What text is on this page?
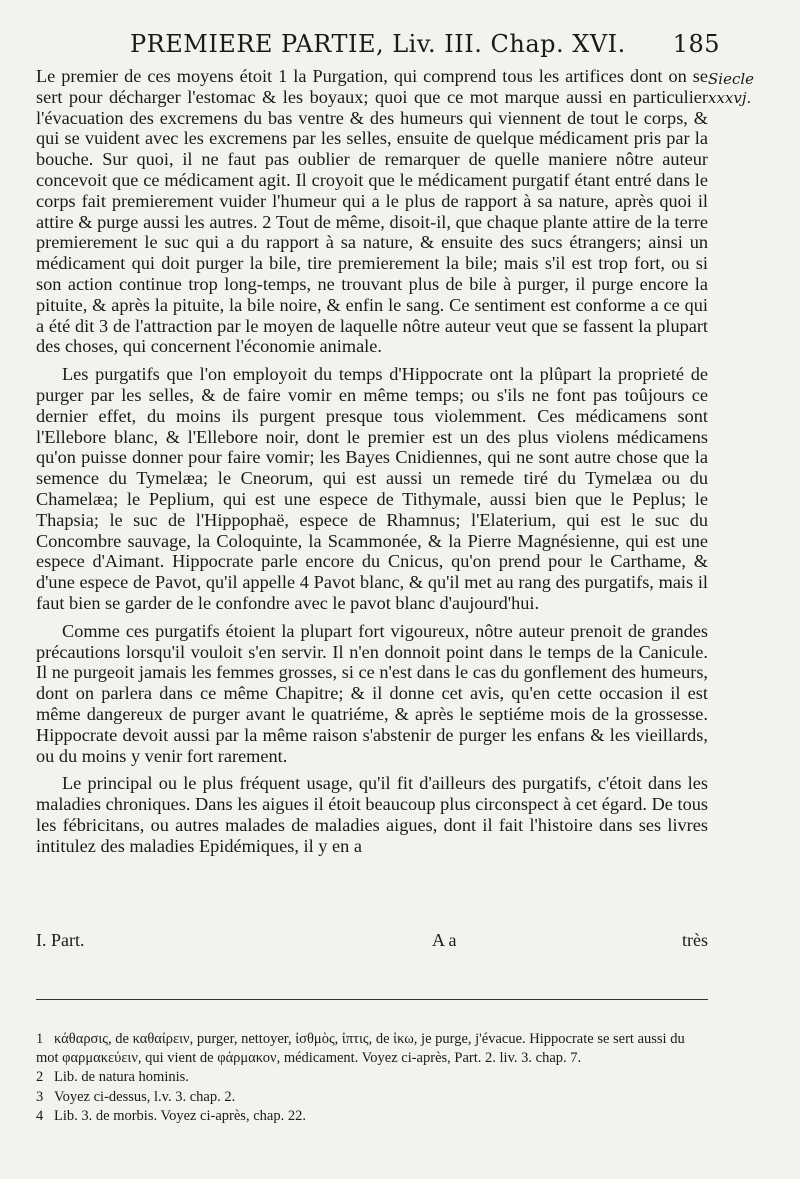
PREMIERE PARTIE, Liv. III. Chap. XVI. 185
Siecle
xxxvj.

Le premier de ces moyens étoit 1 la Purgation, qui comprend tous les artifices dont on se sert pour décharger l'estomac & les boyaux; quoi que ce mot marque aussi en particulier l'évacuation des excremens du bas ventre & des humeurs qui viennent de tout le corps, & qui se vuident avec les excremens par les selles, ensuite de quelque médicament pris par la bouche. Sur quoi, il ne faut pas oublier de remarquer de quelle maniere nôtre auteur concevoit que ce médicament agit. Il croyoit que le médicament purgatif étant entré dans le corps fait premierement vuider l'humeur qui a le plus de rapport à sa nature, après quoi il attire & purge aussi les autres. 2 Tout de même, disoit-il, que chaque plante attire de la terre premierement le suc qui a du rapport à sa nature, & ensuite des sucs étrangers; ainsi un médicament qui doit purger la bile, tire premierement la bile; mais s'il est trop fort, ou si son action continue trop long-temps, ne trouvant plus de bile à purger, il purge encore la pituite, & après la pituite, la bile noire, & enfin le sang. Ce sentiment est conforme a ce qui a été dit 3 de l'attraction par le moyen de laquelle nôtre auteur veut que se fassent la plupart des choses, qui concernent l'économie animale.

Les purgatifs que l'on employoit du temps d'Hippocrate ont la plûpart la proprieté de purger par les selles, & de faire vomir en même temps; ou s'ils ne font pas toûjours ce dernier effet, du moins ils purgent presque tous violemment. Ces médicamens sont l'Ellebore blanc, & l'Ellebore noir, dont le premier est un des plus violens médicamens qu'on puisse donner pour faire vomir; les Bayes Cnidiennes, qui ne sont autre chose que la semence du Tymelæa; le Cneorum, qui est aussi un remede tiré du Tymelæa ou du Chamelæa; le Peplium, qui est une espece de Tithymale, aussi bien que le Peplus; le Thapsia; le suc de l'Hippophaë, espece de Rhamnus; l'Elaterium, qui est le suc du Concombre sauvage, la Coloquinte, la Scammonée, & la Pierre Magnésienne, qui est une espece d'Aimant. Hippocrate parle encore du Cnicus, qu'on prend pour le Carthame, & d'une espece de Pavot, qu'il appelle 4 Pavot blanc, & qu'il met au rang des purgatifs, mais il faut bien se garder de le confondre avec le pavot blanc d'aujourd'hui.

Comme ces purgatifs étoient la plupart fort vigoureux, nôtre auteur prenoit de grandes précautions lorsqu'il vouloit s'en servir. Il n'en donnoit point dans le temps de la Canicule. Il ne purgeoit jamais les femmes grosses, si ce n'est dans le cas du gonflement des humeurs, dont on parlera dans ce même Chapitre; & il donne cet avis, qu'en cette occasion il est même dangereux de purger avant le quatriéme, & après le septiéme mois de la grossesse. Hippocrate devoit aussi par la même raison s'abstenir de purger les enfans & les vieillards, ou du moins y venir fort rarement.

Le principal ou le plus fréquent usage, qu'il fit d'ailleurs des purgatifs, c'étoit dans les maladies chroniques. Dans les aigues il étoit beaucoup plus circonspect à cet égard. De tous les fébricitans, ou autres malades de maladies aigues, dont il fait l'histoire dans ses livres intitulez des maladies Epidémiques, il y en a

I. Part.	A a	très
1 κάθαρσις, de καθαίρειν, purger, nettoyer, ἰσθμὸς, ἰπτις, de ἰκω, je purge, j'évacue. Hippocrate se sert aussi du mot φαρμακεύειν, qui vient de φάρμακον, médicament. Voyez ci-après, Part. 2. liv. 3. chap. 7.
2 Lib. de natura hominis.
3 Voyez ci-dessus, l.v. 3. chap. 2.
4 Lib. 3. de morbis. Voyez ci-après, chap. 22.
